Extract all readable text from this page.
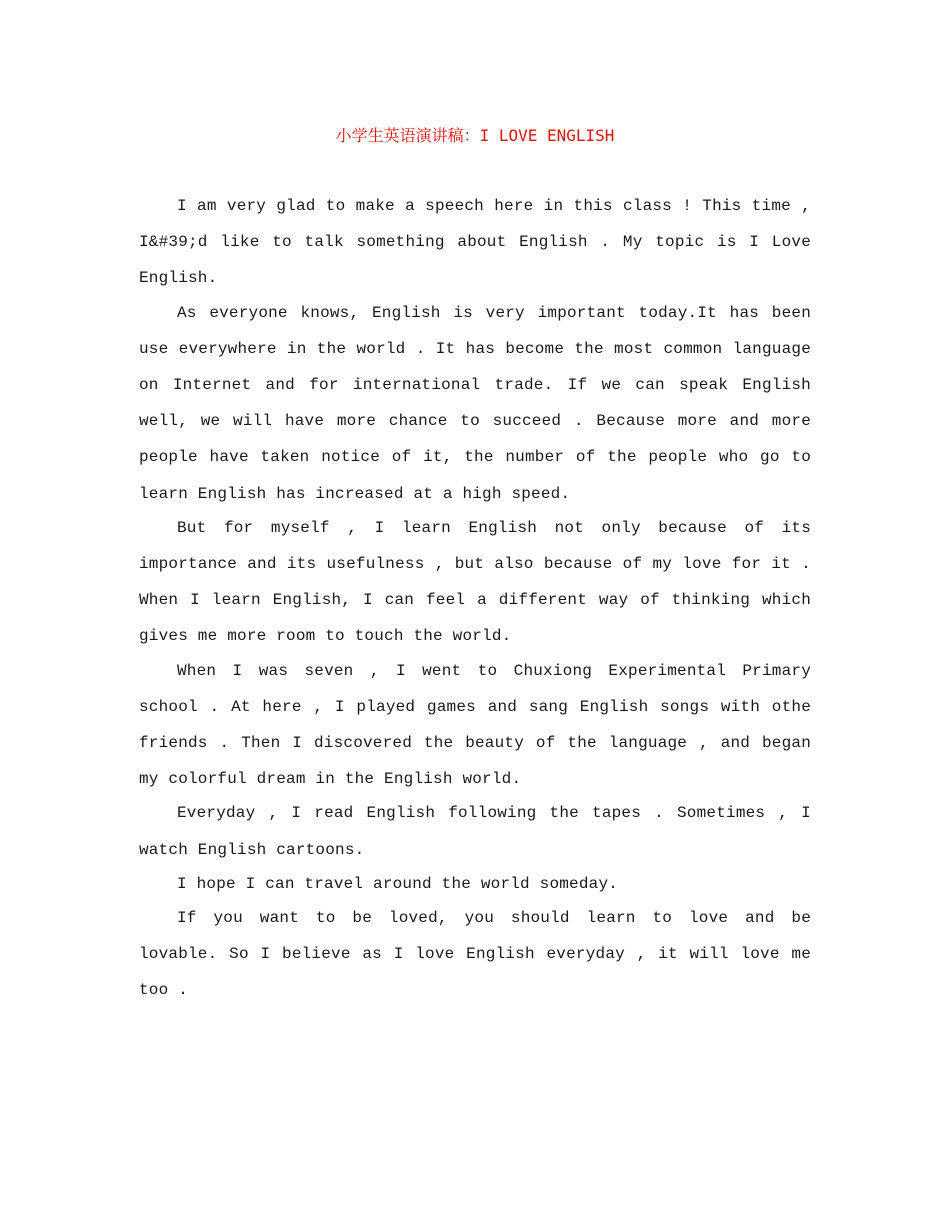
小学生英语演讲稿：I LOVE ENGLISH

I am very glad to make a speech here in this class ! This time , I&#39;d like to talk something about English . My topic is I Love English.

As everyone knows, English is very important today.It has been use everywhere in the world . It has become the most common language on Internet and for international trade. If we can speak English well, we will have more chance to succeed . Because more and more people have taken notice of it, the number of the people who go to learn English has increased at a high speed.

But for myself , I learn English not only because of its importance and its usefulness , but also because of my love for it . When I learn English, I can feel a different way of thinking which gives me more room to touch the world.

When I was seven , I went to Chuxiong Experimental Primary school . At here , I played games and sang English songs with othe friends . Then I discovered the beauty of the language , and began my colorful dream in the English world.

Everyday , I read English following the tapes . Sometimes , I watch English cartoons.

I hope I can travel around the world someday.

If you want to be loved, you should learn to love and be lovable. So I believe as I love English everyday , it will love me too .
